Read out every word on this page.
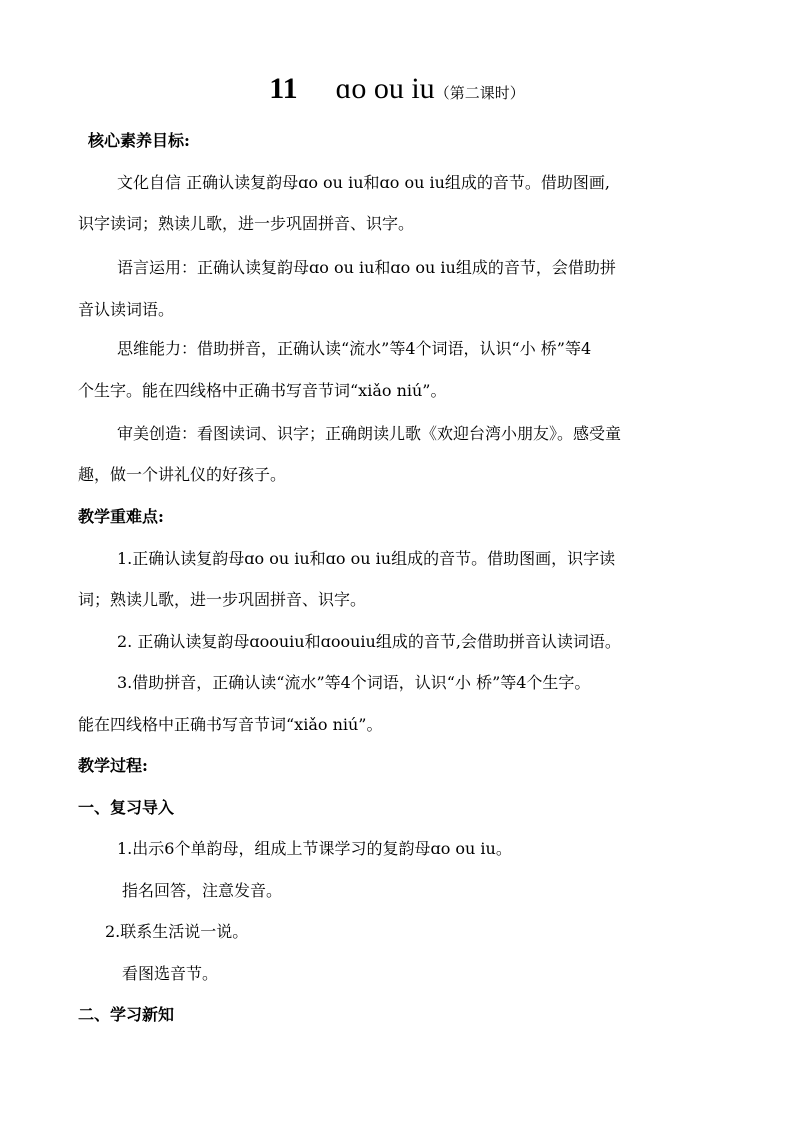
11 ɑo ou iu（第二课时）
核心素养目标:
文化自信 正确认读复韵母ɑo ou iu和ɑo ou iu组成的音节。借助图画,
识字读词；熟读儿歌，进一步巩固拼音、识字。
语言运用：正确认读复韵母ɑo ou iu和ɑo ou iu组成的音节，会借助拼
音认读词语。
思维能力：借助拼音，正确认读“流水”等4个词语，认识“小 桥”等4
个生字。能在四线格中正确书写音节词“xiǎo niú”。
审美创造：看图读词、识字；正确朗读儿歌《欢迎台湾小朋友》。感受童
趣，做一个讲礼仪的好孩子。
教学重难点:
1.正确认读复韵母ɑo ou iu和ɑo ou iu组成的音节。借助图画，识字读
词；熟读儿歌，进一步巩固拼音、识字。
2. 正确认读复韵母ɑoouiu和ɑoouiu组成的音节,会借助拼音认读词语。
3.借助拼音，正确认读“流水”等4个词语，认识“小 桥”等4个生字。
能在四线格中正确书写音节词“xiǎo niú”。
教学过程:
一、复习导入
1.出示6个单韵母，组成上节课学习的复韵母ɑo ou iu。
指名回答，注意发音。
2.联系生活说一说。
看图选音节。
二、学习新知
